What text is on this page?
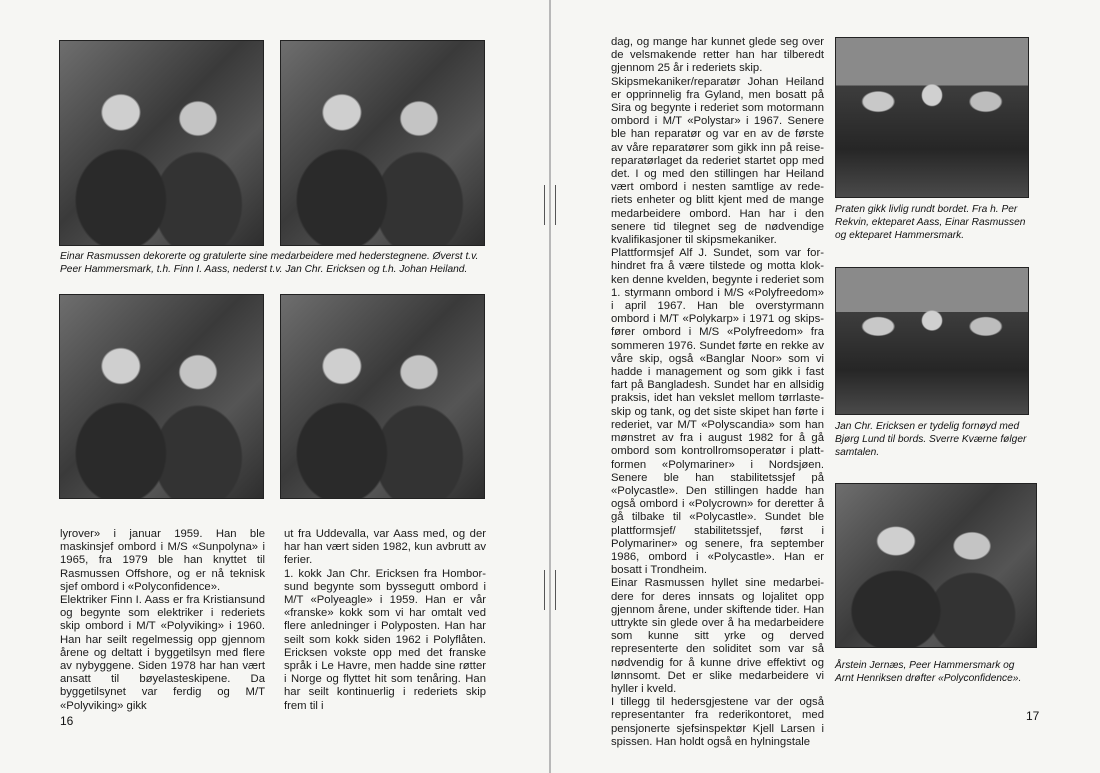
Einar Rasmussen dekorerte og gratulerte sine medarbeidere med hederstegnene. Øverst t.v. Peer Hammersmark, t.h. Finn I. Aass, nederst t.v. Jan Chr. Ericksen og t.h. Johan Heiland.

lyrover» i januar 1959. Han ble maskinsjef ombord i M/S «Sunpolyna» i 1965, fra 1979 ble han knyttet til Rasmussen Offshore, og er nå teknisk sjef ombord i «Polyconfidence».
Elektriker Finn I. Aass er fra Kristiansund og begynte som elektriker i rederiets skip ombord i M/T «Polyviking» i 1960. Han har seilt regelmessig opp gjennom årene og deltatt i byggetilsyn med flere av nybyggene. Siden 1978 har han vært ansatt til bøyelasteskipene. Da byggetilsynet var ferdig og M/T «Polyviking» gikk

ut fra Uddevalla, var Aass med, og der har han vært siden 1982, kun avbrutt av ferier.
1. kokk Jan Chr. Ericksen fra Homborsund begynte som byssegutt ombord i M/T «Polyeagle» i 1959. Han er vår «franske» kokk som vi har omtalt ved flere anledninger i Polyposten. Han har seilt som kokk siden 1962 i Polyflåten. Ericksen vokste opp med det franske språk i Le Havre, men hadde sine røtter i Norge og flyttet hit som tenåring. Han har seilt kontinuerlig i rederiets skip frem til i

16

dag, og mange har kunnet glede seg over de velsmakende retter han har tilberedt gjennom 25 år i rederiets skip.
Skipsmekaniker/reparatør Johan Heiland er opprinnelig fra Gyland, men bosatt på Sira og begynte i rederiet som motormann ombord i M/T «Polystar» i 1967. Senere ble han reparatør og var en av de første av våre reparatører som gikk inn på reisereparatørlaget da rederiet startet opp med det. I og med den stillingen har Heiland vært ombord i nesten samtlige av rederiets enheter og blitt kjent med de mange medarbeidere ombord. Han har i den senere tid tilegnet seg de nødvendige kvalifikasjoner til skipsmekaniker.
Plattformsjef Alf J. Sundet, som var forhindret fra å være tilstede og motta klokken denne kvelden, begynte i rederiet som 1. styrmann ombord i M/S «Polyfreedom» i april 1967. Han ble overstyrmann ombord i M/T «Polykarp» i 1971 og skipsfører ombord i M/S «Polyfreedom» fra sommeren 1976. Sundet førte en rekke av våre skip, også «Banglar Noor» som vi hadde i management og som gikk i fast fart på Bangladesh. Sundet har en allsidig praksis, idet han vekslet mellom tørrlasteskip og tank, og det siste skipet han førte i rederiet, var M/T «Polyscandia» som han mønstret av fra i august 1982 for å gå ombord som kontrollromsoperatør i plattformen «Polymariner» i Nordsjøen. Senere ble han stabilitetssjef på «Polycastle». Den stillingen hadde han også ombord i «Polycrown» for deretter å gå tilbake til «Polycastle». Sundet ble plattformsjef/ stabilitetssjef, først i Polymariner» og senere, fra september 1986, ombord i «Polycastle». Han er bosatt i Trondheim.
Einar Rasmussen hyllet sine medarbeidere for deres innsats og lojalitet opp gjennom årene, under skiftende tider. Han uttrykte sin glede over å ha medarbeidere som kunne sitt yrke og derved representerte den soliditet som var så nødvendig for å kunne drive effektivt og lønnsomt. Det er slike medarbeidere vi hyller i kveld.
I tillegg til hedersgjestene var der også representanter fra rederikontoret, med pensjonerte sjefsinspektør Kjell Larsen i spissen. Han holdt også en hylningstale

Praten gikk livlig rundt bordet. Fra h. Per Rekvin, ekteparet Aass, Einar Rasmussen og ekteparet Hammersmark.

Jan Chr. Ericksen er tydelig fornøyd med Bjørg Lund til bords. Sverre Kværne følger samtalen.

Årstein Jernæs, Peer Hammersmark og Arnt Henriksen drøfter «Polyconfidence».

17
